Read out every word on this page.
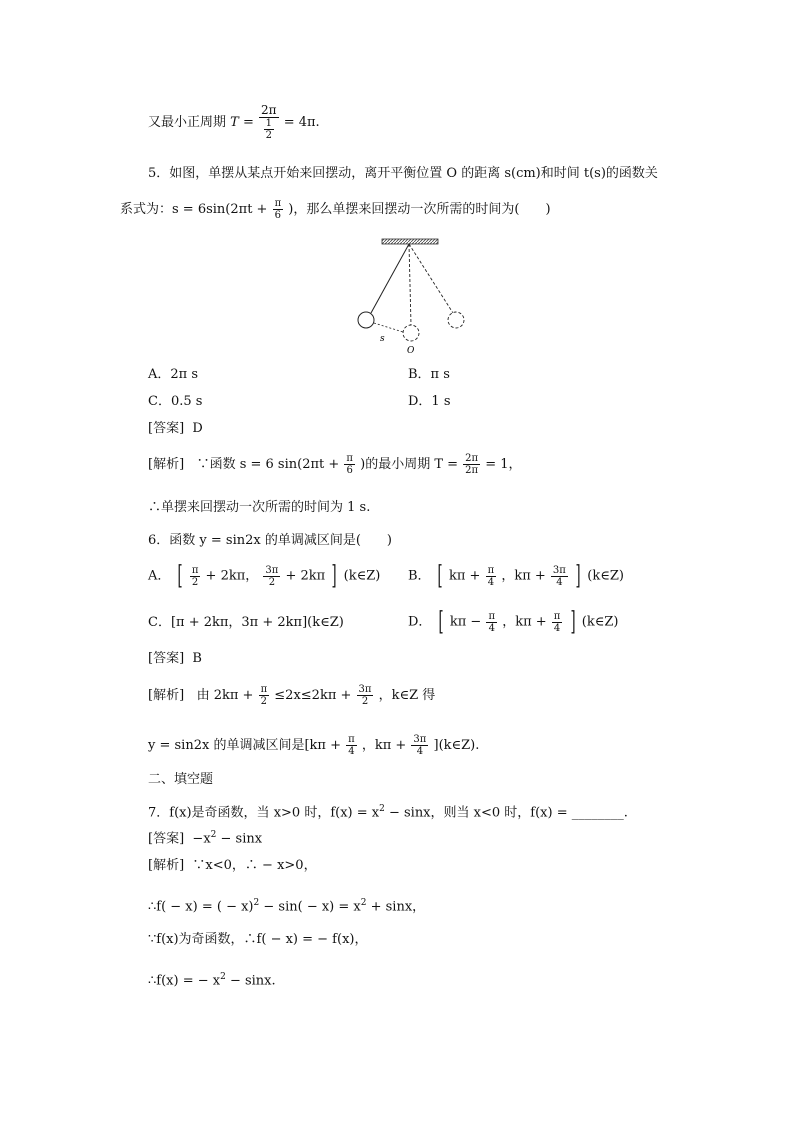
又最小正周期 $T = \frac{2\pi}{\frac{1}{2}} = 4\pi$.
5．如图，单摆从某点开始来回摆动，离开平衡位置 O 的距离 s(cm)和时间 t(s)的函数关
系式为：$s = 6\sin(2\pi t + \frac{\pi}{6}$ )，那么单摆来回摆动一次所需的时间为(　　)
s
O
A．2π s	B．π s
C．0.5 s	D．1 s
[答案] D
[解析] ∵函数 s = 6 $\sin(2\pi t + \frac{\pi}{6}$ )的最小周期 $T = \frac{2\pi}{2\pi} = 1$，
∴单摆来回摆动一次所需的时间为 1 s.
6．函数 y = sin2x 的单调减区间是(　　)
A． [ $\frac{\pi}{2} + 2k\pi$， $\frac{3\pi}{2} + 2k\pi$ ] (k∈Z) B． [ $k\pi + \frac{\pi}{4}$ ，$k\pi + \frac{3\pi}{4}$ ] (k∈Z)
C．[π + 2kπ，3π + 2kπ](k∈Z)	D． [ $k\pi - \frac{\pi}{4}$ ，$k\pi + \frac{\pi}{4}$ ] (k∈Z)
[答案] B
[解析] 由 $2k\pi + \frac{\pi}{2} \le 2x\le 2k\pi + \frac{3\pi}{2}$ ，k∈Z 得
y = sin2x 的单调减区间是[$k\pi + \frac{\pi}{4}$ ，$k\pi + \frac{3\pi}{4}$ ](k∈Z).
二、填空题
7．f(x)是奇函数，当 x>0 时，$f(x) = x^2 - \sin x$，则当 x<0 时，f(x) = ________.
[答案] $-x^2 - \sin x$
[解析] ∵x<0，∴ − x>0，
∴f( − x) = ( − $x)^2 - \sin( - x) = x^2 + \sin x$，
∵f(x)为奇函数，∴f( − x) = − f(x)，
∴f(x) = − $x^2 - \sin x$.
